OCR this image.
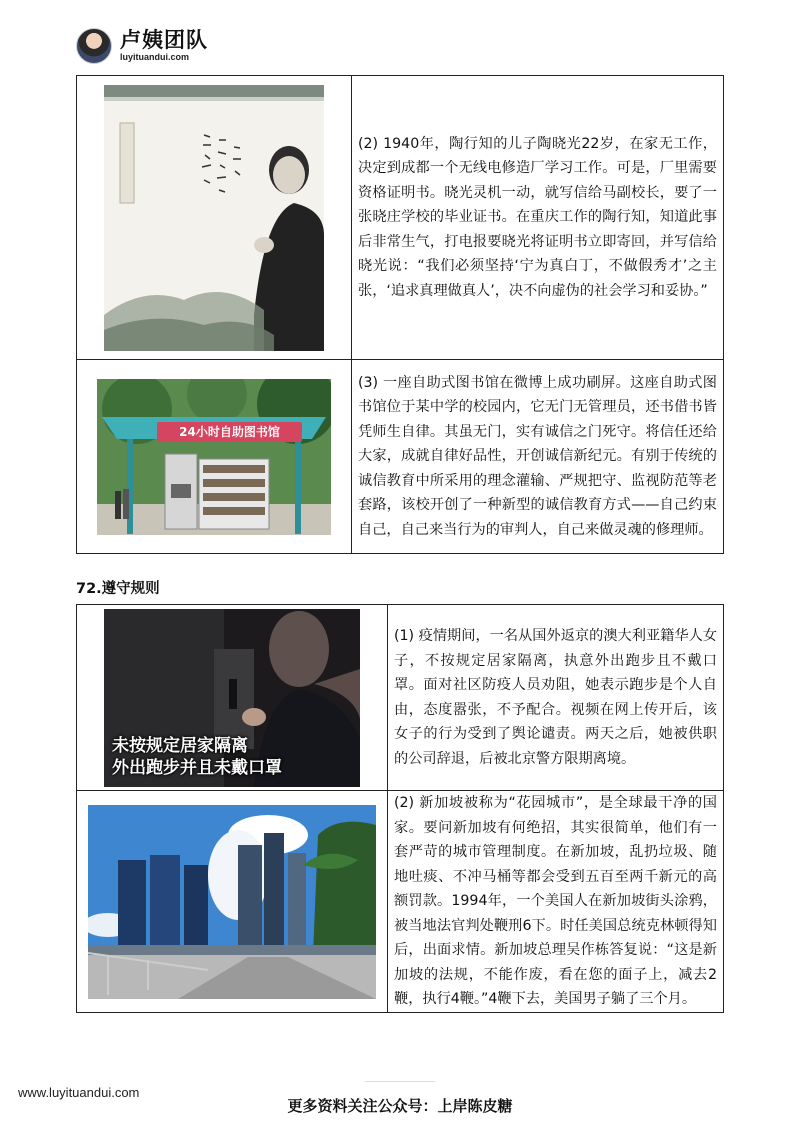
卢姨团队
luyituandui.com

(2) 1940年，陶行知的儿子陶晓光22岁，在家无工作，决定到成都一个无线电修造厂学习工作。可是，厂里需要资格证明书。晓光灵机一动，就写信给马副校长，要了一张晓庄学校的毕业证书。在重庆工作的陶行知，知道此事后非常生气，打电报要晓光将证明书立即寄回，并写信给晓光说：“我们必须坚持‘宁为真白丁，不做假秀才’之主张，‘追求真理做真人’，决不向虚伪的社会学习和妥协。”

24小时自助图书馆	(3) 一座自助式图书馆在微博上成功刷屏。这座自助式图书馆位于某中学的校园内，它无门无管理员，还书借书皆凭师生自律。其虽无门，实有诚信之门死守。将信任还给大家，成就自律好品性，开创诚信新纪元。有别于传统的诚信教育中所采用的理念灌输、严规把守、监视防范等老套路，该校开创了一种新型的诚信教育方式——自己约束自己，自己来当行为的审判人，自己来做灵魂的修理师。
72.遵守规则
未按规定居家隔离
外出跑步并且未戴口罩	(1) 疫情期间，一名从国外返京的澳大利亚籍华人女子，不按规定居家隔离，执意外出跑步且不戴口罩。面对社区防疫人员劝阻，她表示跑步是个人自由，态度嚣张，不予配合。视频在网上传开后，该女子的行为受到了舆论谴责。两天之后，她被供职的公司辞退，后被北京警方限期离境。

(2) 新加坡被称为“花园城市”，是全球最干净的国家。要问新加坡有何绝招，其实很简单，他们有一套严苛的城市管理制度。在新加坡，乱扔垃圾、随地吐痰、不冲马桶等都会受到五百至两千新元的高额罚款。1994年，一个美国人在新加坡街头涂鸦，被当地法官判处鞭刑6下。时任美国总统克林顿得知后，出面求情。新加坡总理吴作栋答复说：“这是新加坡的法规，不能作废，看在您的面子上，减去2鞭，执行4鞭。”4鞭下去，美国男子躺了三个月。
www.luyituandui.com
更多资料关注公众号：上岸陈皮糖
